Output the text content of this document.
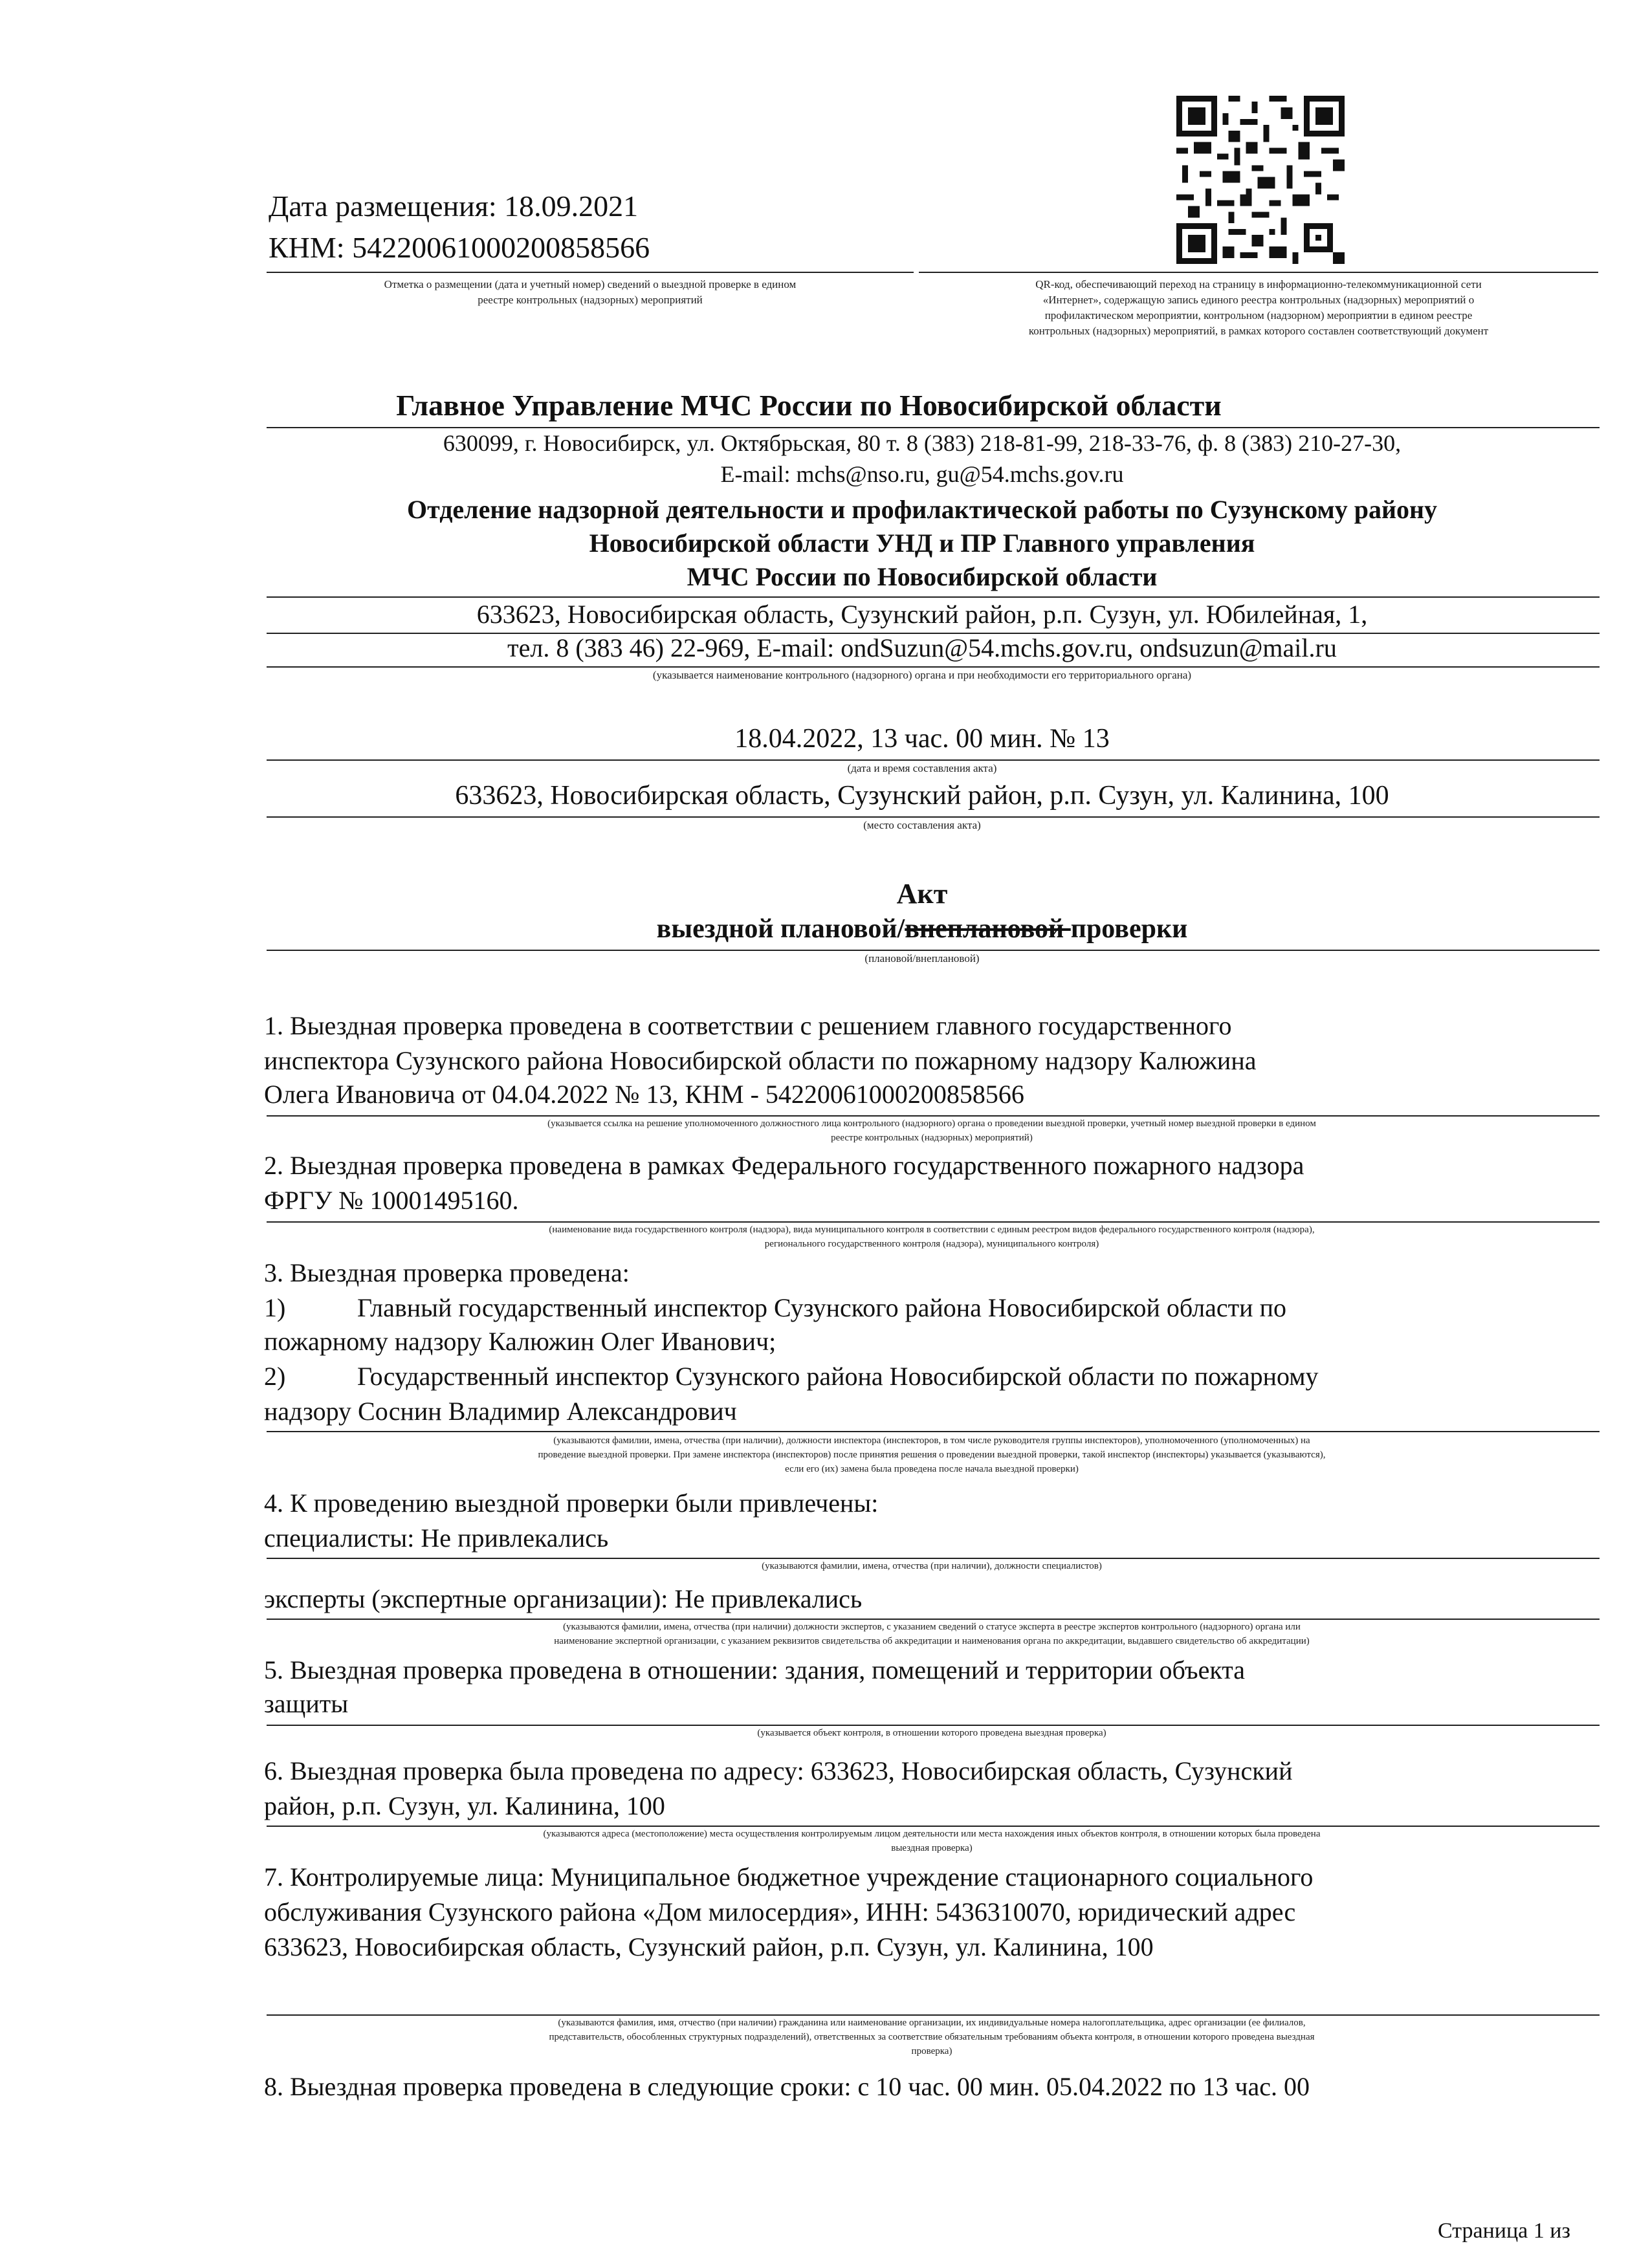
Дата размещения: 18.09.2021
КНМ: 54220061000200858566
Отметка о размещении (дата и учетный номер) сведений о выездной проверке в едином
реестре контрольных (надзорных) мероприятий
QR-код, обеспечивающий переход на страницу в информационно-телекоммуникационной сети
«Интернет», содержащую запись единого реестра контрольных (надзорных) мероприятий о
профилактическом мероприятии, контрольном (надзорном) мероприятии в едином реестре
контрольных (надзорных) мероприятий, в рамках которого составлен соответствующий документ
Главное Управление МЧС России по Новосибирской области
630099, г. Новосибирск, ул. Октябрьская, 80 т. 8 (383) 218-81-99, 218-33-76, ф. 8 (383) 210-27-30,
E-mail: mchs@nso.ru, gu@54.mchs.gov.ru
Отделение надзорной деятельности и профилактической работы по Сузунскому району
Новосибирской области УНД и ПР Главного управления
МЧС России по Новосибирской области
633623, Новосибирская область, Сузунский район, р.п. Сузун, ул. Юбилейная, 1,
тел. 8 (383 46) 22-969, E-mail: ondSuzun@54.mchs.gov.ru, ondsuzun@mail.ru
(указывается наименование контрольного (надзорного) органа и при необходимости его территориального органа)
18.04.2022, 13 час. 00 мин. № 13
(дата и время составления акта)
633623, Новосибирская область, Сузунский район, р.п. Сузун, ул. Калинина, 100
(место составления акта)
Акт
выездной плановой/внеплановой проверки
(плановой/внеплановой)
1. Выездная проверка проведена в соответствии с решением главного государственного
инспектора Сузунского района Новосибирской области по пожарному надзору Калюжина
Олега Ивановича от 04.04.2022 № 13, КНМ - 54220061000200858566
(указывается ссылка на решение уполномоченного должностного лица контрольного (надзорного) органа о проведении выездной проверки, учетный номер выездной проверки в едином
реестре контрольных (надзорных) мероприятий)
2. Выездная проверка проведена в рамках Федерального государственного пожарного надзора
ФРГУ № 10001495160.
(наименование вида государственного контроля (надзора), вида муниципального контроля в соответствии с единым реестром видов федерального государственного контроля (надзора),
регионального государственного контроля (надзора), муниципального контроля)
3. Выездная проверка проведена:
1)	Главный государственный инспектор Сузунского района Новосибирской области по
пожарному надзору Калюжин Олег Иванович;
2)	Государственный инспектор Сузунского района Новосибирской области по пожарному
надзору Соснин Владимир Александрович
(указываются фамилии, имена, отчества (при наличии), должности инспектора (инспекторов, в том числе руководителя группы инспекторов), уполномоченного (уполномоченных) на
проведение выездной проверки. При замене инспектора (инспекторов) после принятия решения о проведении выездной проверки, такой инспектор (инспекторы) указывается (указываются),
если его (их) замена была проведена после начала выездной проверки)
4. К проведению выездной проверки были привлечены:
специалисты: Не привлекались
(указываются фамилии, имена, отчества (при наличии), должности специалистов)
эксперты (экспертные организации): Не привлекались
(указываются фамилии, имена, отчества (при наличии) должности экспертов, с указанием сведений о статусе эксперта в реестре экспертов контрольного (надзорного) органа или
наименование экспертной организации, с указанием реквизитов свидетельства об аккредитации и наименования органа по аккредитации, выдавшего свидетельство об аккредитации)
5. Выездная проверка проведена в отношении: здания, помещений и территории объекта
защиты
(указывается объект контроля, в отношении которого проведена выездная проверка)
6. Выездная проверка была проведена по адресу: 633623, Новосибирская область, Сузунский
район, р.п. Сузун, ул. Калинина, 100
(указываются адреса (местоположение) места осуществления контролируемым лицом деятельности или места нахождения иных объектов контроля, в отношении которых была проведена
выездная проверка)
7. Контролируемые лица: Муниципальное бюджетное учреждение стационарного социального
обслуживания Сузунского района «Дом милосердия», ИНН: 5436310070, юридический адрес
633623, Новосибирская область, Сузунский район, р.п. Сузун, ул. Калинина, 100
(указываются фамилия, имя, отчество (при наличии) гражданина или наименование организации, их индивидуальные номера налогоплательщика, адрес организации (ее филиалов,
представительств, обособленных структурных подразделений), ответственных за соответствие обязательным требованиям объекта контроля, в отношении которого проведена выездная
проверка)
8. Выездная проверка проведена в следующие сроки: с 10 час. 00 мин. 05.04.2022 по 13 час. 00
Страница 1 из
